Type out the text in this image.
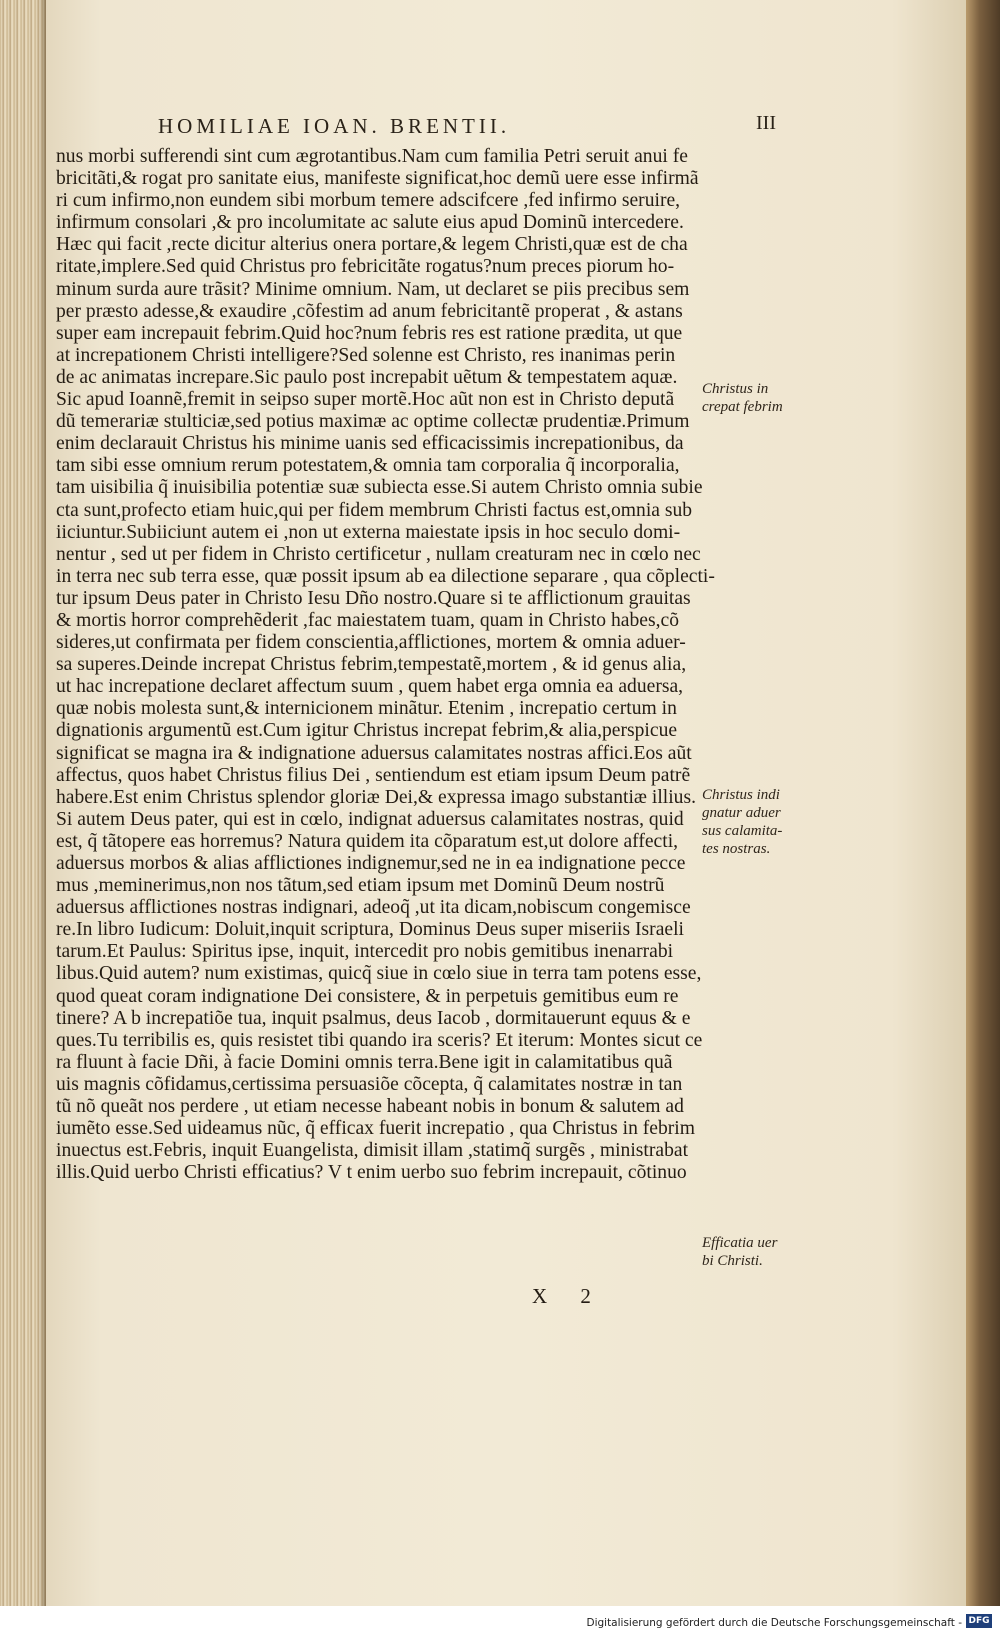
HOMILIAE IOAN. BRENTII.	III
nus morbi sufferendi sint cum ægrotantibus.Nam cum familia Petri seruit anui fe
bricitãti,& rogat pro sanitate eius, manifeste significat,hoc demũ uere esse infirmã
ri cum infirmo,non eundem sibi morbum temere adscifcere ,fed infirmo seruire,
infirmum consolari ,& pro incolumitate ac salute eius apud Dominũ intercedere.
Hæc qui facit ,recte dicitur alterius onera portare,& legem Christi,quæ est de cha
ritate,implere.Sed quid Christus pro febricitãte rogatus?num preces piorum ho-
minum surda aure trãsit? Minime omnium. Nam, ut declaret se piis precibus sem
per præsto adesse,& exaudire ,cõfestim ad anum febricitantẽ properat , & astans
super eam increpauit febrim.Quid hoc?num febris res est ratione prædita, ut que
at increpationem Christi intelligere?Sed solenne est Christo, res inanimas perin
de ac animatas increpare.Sic paulo post increpabit uẽtum & tempestatem aquæ.
Sic apud Ioannẽ,fremit in seipso super mortẽ.Hoc aũt non est in Christo deputã
dũ temerariæ stulticiæ,sed potius maximæ ac optime collectæ prudentiæ.Primum
enim declarauit Christus his minime uanis sed efficacissimis increpationibus, da
tam sibi esse omnium rerum potestatem,& omnia tam corporalia q̃ incorporalia,
tam uisibilia q̃ inuisibilia potentiæ suæ subiecta esse.Si autem Christo omnia subie
cta sunt,profecto etiam huic,qui per fidem membrum Christi factus est,omnia sub
iiciuntur.Subiiciunt autem ei ,non ut externa maiestate ipsis in hoc seculo domi-
nentur , sed ut per fidem in Christo certificetur , nullam creaturam nec in cœlo nec
in terra nec sub terra esse, quæ possit ipsum ab ea dilectione separare , qua cõplecti-
tur ipsum Deus pater in Christo Iesu Dño nostro.Quare si te afflictionum grauitas
& mortis horror comprehẽderit ,fac maiestatem tuam, quam in Christo habes,cõ
sideres,ut confirmata per fidem conscientia,afflictiones, mortem & omnia aduer-
sa superes.Deinde increpat Christus febrim,tempestatẽ,mortem , & id genus alia,
ut hac increpatione declaret affectum suum , quem habet erga omnia ea aduersa,
quæ nobis molesta sunt,& internicionem minãtur. Etenim , increpatio certum in
dignationis argumentũ est.Cum igitur Christus increpat febrim,& alia,perspicue
significat se magna ira & indignatione aduersus calamitates nostras affici.Eos aũt
affectus, quos habet Christus filius Dei , sentiendum est etiam ipsum Deum patrẽ
habere.Est enim Christus splendor gloriæ Dei,& expressa imago substantiæ illius.
Si autem Deus pater, qui est in cœlo, indignat aduersus calamitates nostras, quid
est, q̃ tãtopere eas horremus? Natura quidem ita cõparatum est,ut dolore affecti,
aduersus morbos & alias afflictiones indignemur,sed ne in ea indignatione pecce
mus ,meminerimus,non nos tãtum,sed etiam ipsum met Dominũ Deum nostrũ
aduersus afflictiones nostras indignari, adeoq̃ ,ut ita dicam,nobiscum congemisce
re.In libro Iudicum: Doluit,inquit scriptura, Dominus Deus super miseriis Israeli
tarum.Et Paulus: Spiritus ipse, inquit, intercedit pro nobis gemitibus inenarrabi
libus.Quid autem? num existimas, quicq̃ siue in cœlo siue in terra tam potens esse,
quod queat coram indignatione Dei consistere, & in perpetuis gemitibus eum re
tinere? A b increpatiõe tua, inquit psalmus, deus Iacob , dormitauerunt equus & e
ques.Tu terribilis es, quis resistet tibi quando ira sceris? Et iterum: Montes sicut ce
ra fluunt à facie Dñi, à facie Domini omnis terra.Bene igit in calamitatibus quã
uis magnis cõfidamus,certissima persuasiõe cõcepta, q̃ calamitates nostræ in tan
tũ nõ queãt nos perdere , ut etiam necesse habeant nobis in bonum & salutem ad
iumẽto esse.Sed uideamus nũc, q̃ efficax fuerit increpatio , qua Christus in febrim
inuectus est.Febris, inquit Euangelista, dimisit illam ,statimq̃ surgẽs , ministrabat
illis.Quid uerbo Christi efficatius? V t enim uerbo suo febrim increpauit, cõtinuo
Christus in
crepat febrim
Christus indi
gnatur aduer
sus calamita-
tes nostras.
Efficatia uer
bi Christi.
X 2
Digitalisierung gefördert durch die Deutsche Forschungsgemeinschaft - DFG
